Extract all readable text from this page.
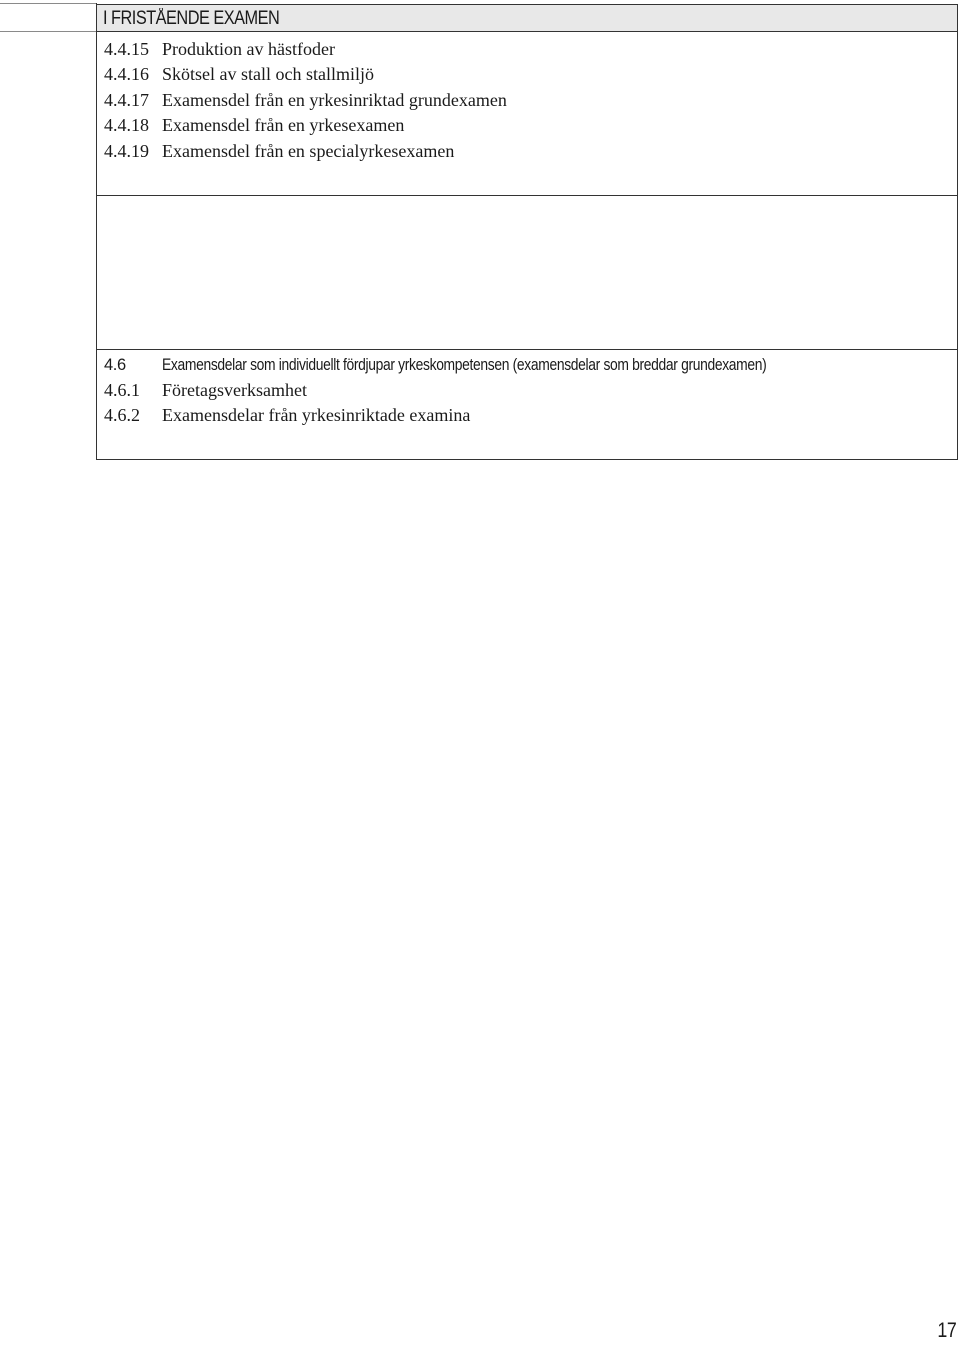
I FRISTÅENDE EXAMEN
4.4.15 Produktion av hästfoder
4.4.16 Skötsel av stall och stallmiljö
4.4.17 Examensdel från en yrkesinriktad grundexamen
4.4.18 Examensdel från en yrkesexamen
4.4.19 Examensdel från en specialyrkesexamen
4.6	Examensdelar som individuellt fördjupar yrkeskompetensen (examensdelar som breddar grundexamen)
4.6.1	Företagsverksamhet
4.6.2	Examensdelar från yrkesinriktade examina
17
